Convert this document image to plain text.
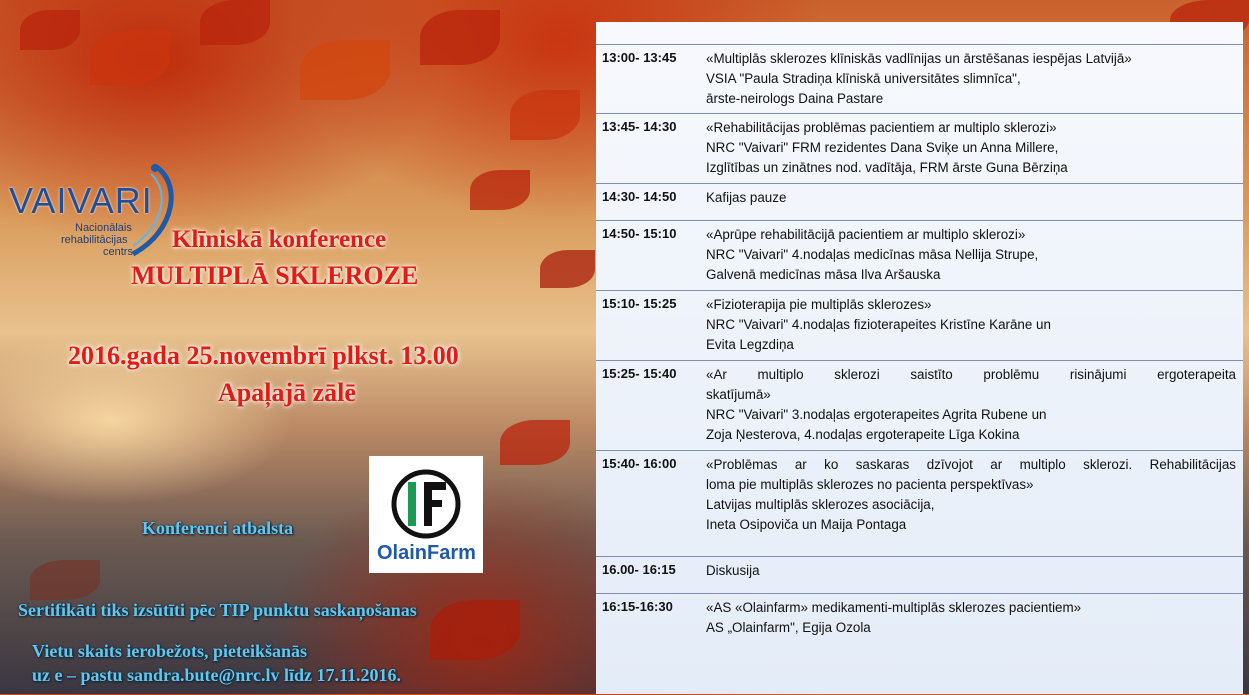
VAIVARI
Nacionālais
rehabilitācijas
centrs Klīniskā konference
MULTIPLĀ SKLEROZE
2016.gada 25.novembrī plkst. 13.00
Apaļajā zālē
Konferenci atbalsta
OlainFarm
Sertifikāti tiks izsūtīti pēc TIP punktu saskaņošanas
Vietu skaits ierobežots, pieteikšanās
uz e – pastu sandra.bute@nrc.lv līdz 17.11.2016.
13:00- 13:45 «Multiplās sklerozes klīniskās vadlīnijas un ārstēšanas iespējas Latvijā»
VSIA "Paula Stradiņa klīniskā universitātes slimnīca",
ārste-neirologs Daina Pastare
13:45- 14:30 «Rehabilitācijas problēmas pacientiem ar multiplo sklerozi»
NRC "Vaivari" FRM rezidentes Dana Sviķe un Anna Millere,
Izglītības un zinātnes nod. vadītāja, FRM ārste Guna Bērziņa
14:30- 14:50 Kafijas pauze
14:50- 15:10 «Aprūpe rehabilitācijā pacientiem ar multiplo sklerozi»
NRC "Vaivari" 4.nodaļas medicīnas māsa Nellija Strupe,
Galvenā medicīnas māsa Ilva Aršauska
15:10- 15:25 «Fizioterapija pie multiplās sklerozes»
NRC "Vaivari" 4.nodaļas fizioterapeites Kristīne Karāne un
Evita Legzdiņa
15:25- 15:40 «Ar multiplo sklerozi saistīto problēmu risinājumi ergoterapeita
skatījumā»
NRC "Vaivari" 3.nodaļas ergoterapeites Agrita Rubene un
Zoja Ņesterova, 4.nodaļas ergoterapeite Līga Kokina
15:40- 16:00 «Problēmas ar ko saskaras dzīvojot ar multiplo sklerozi. Rehabilitācijas
loma pie multiplās sklerozes no pacienta perspektīvas»
Latvijas multiplās sklerozes asociācija,
Ineta Osipoviča un Maija Pontaga
16.00- 16:15 Diskusija
16:15-16:30 «AS «Olainfarm» medikamenti-multiplās sklerozes pacientiem»
AS „Olainfarm", Egija Ozola
